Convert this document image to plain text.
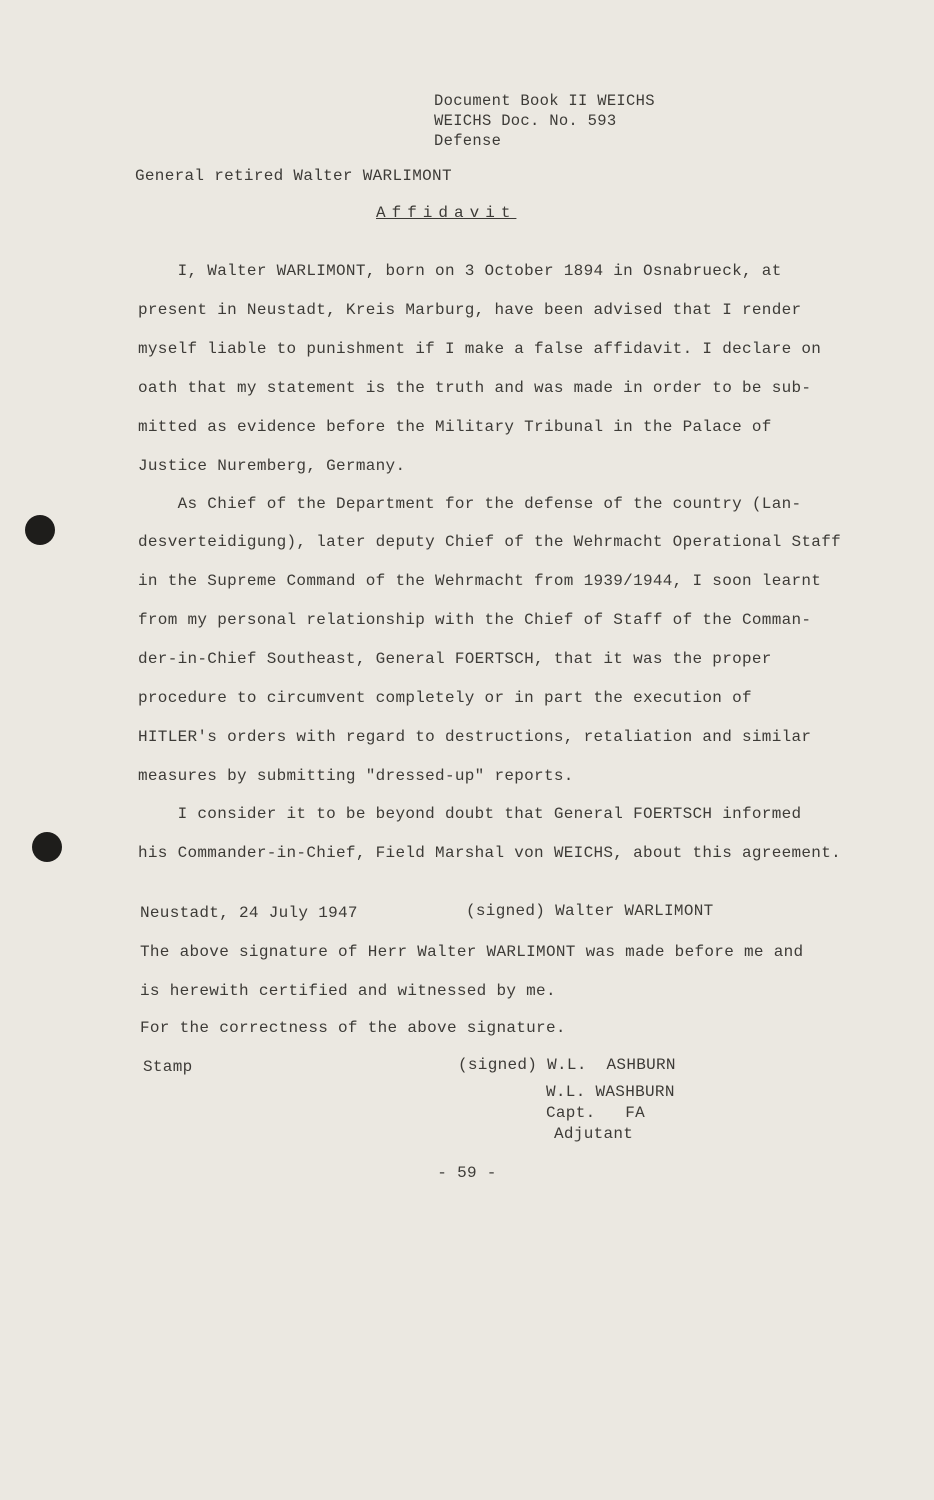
Document Book II WEICHS
WEICHS Doc. No. 593
Defense
General retired Walter WARLIMONT
Affidavit
I, Walter WARLIMONT, born on 3 October 1894 in Osnabrueck, at
present in Neustadt, Kreis Marburg, have been advised that I render
myself liable to punishment if I make a false affidavit. I declare on
oath that my statement is the truth and was made in order to be sub-
mitted as evidence before the Military Tribunal in the Palace of
Justice Nuremberg, Germany.
As Chief of the Department for the defense of the country (Lan-
desverteidigung), later deputy Chief of the Wehrmacht Operational Staff
in the Supreme Command of the Wehrmacht from 1939/1944, I soon learnt
from my personal relationship with the Chief of Staff of the Comman-
der-in-Chief Southeast, General FOERTSCH, that it was the proper
procedure to circumvent completely or in part the execution of
HITLER's orders with regard to destructions, retaliation and similar
measures by submitting "dressed-up" reports.
I consider it to be beyond doubt that General FOERTSCH informed
his Commander-in-Chief, Field Marshal von WEICHS, about this agreement.
Neustadt, 24 July 1947	(signed) Walter WARLIMONT
The above signature of Herr Walter WARLIMONT was made before me and
is herewith certified and witnessed by me.
For the correctness of the above signature.
Stamp	(signed) W.L.  ASHBURN
W.L. WASHBURN
Capt.   FA
Adjutant
- 59 -
